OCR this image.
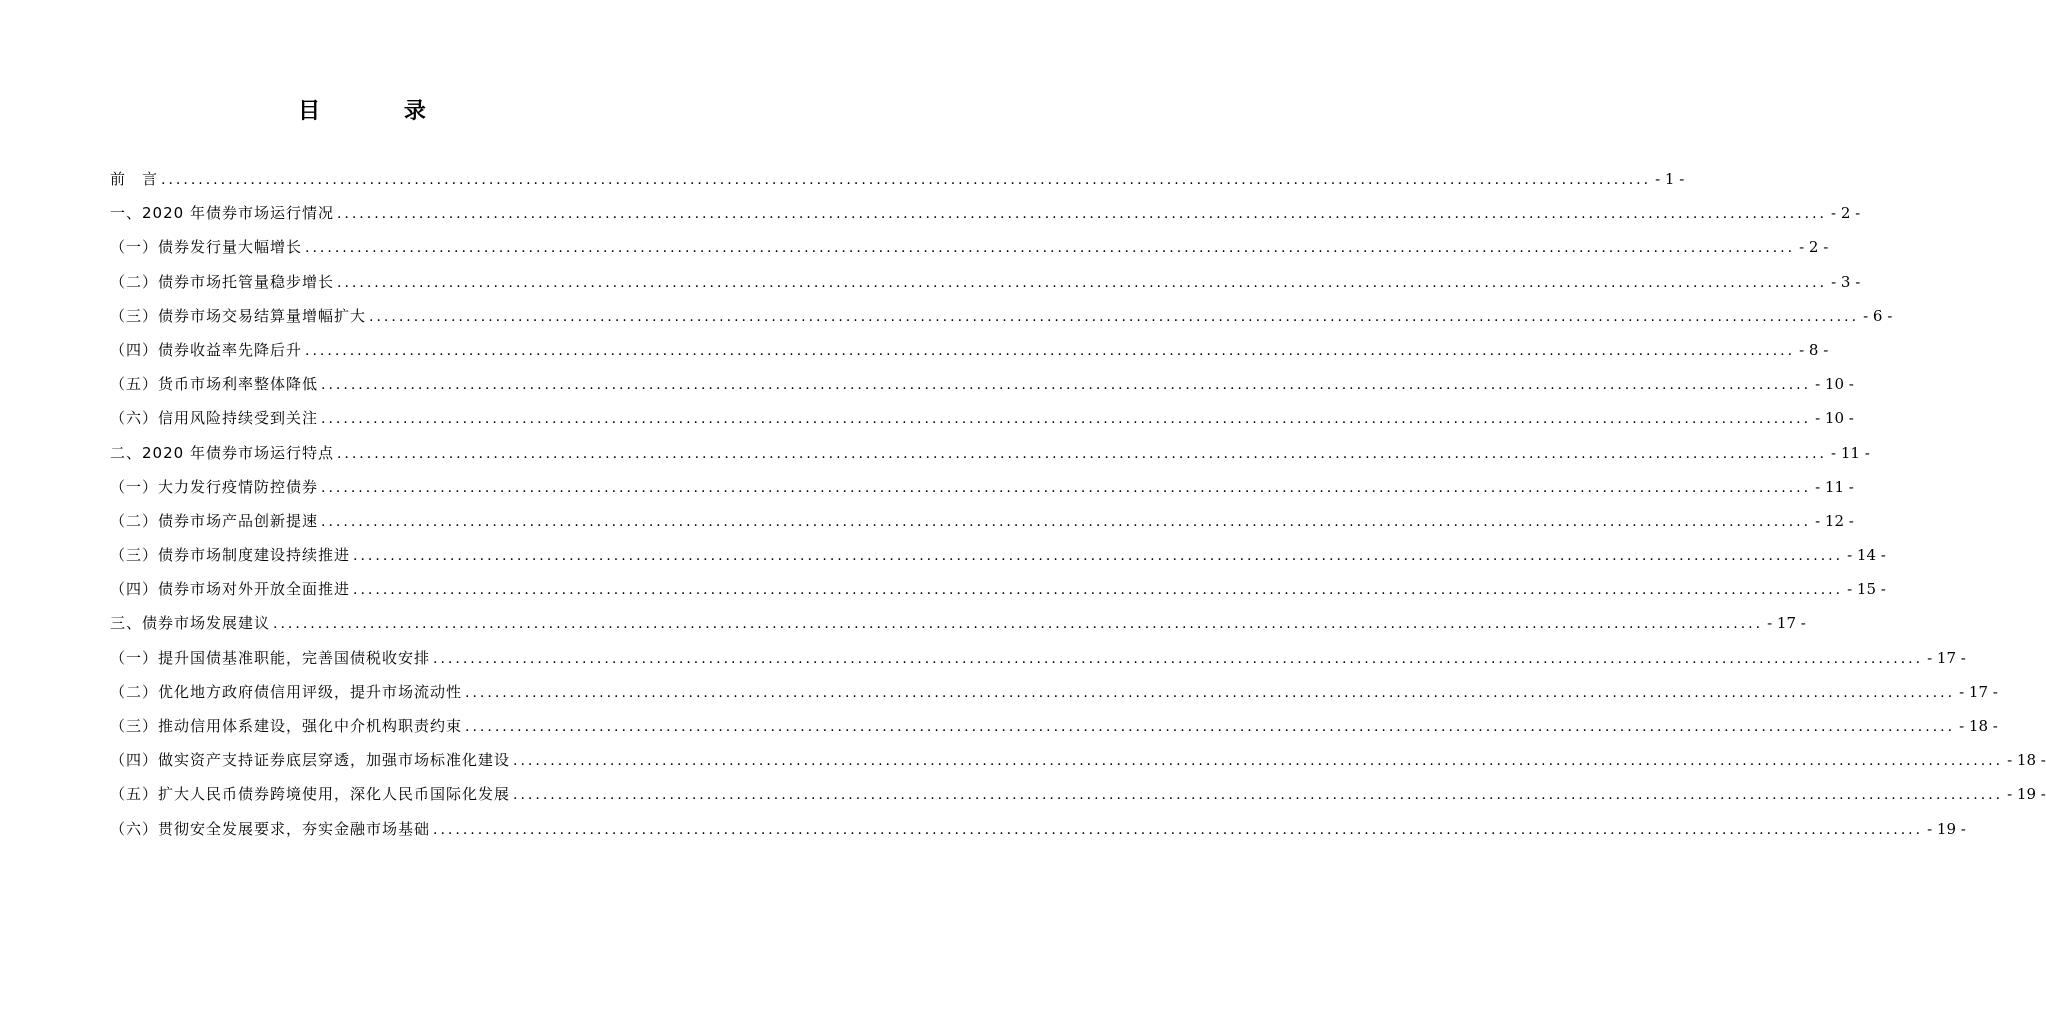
目 录
前　言 ........................................................................................................................................................................................................ - 1 -
一、2020 年债券市场运行情况 ........................................................................................................................................................................................................ - 2 -
（一）债券发行量大幅增长 ........................................................................................................................................................................................................ - 2 -
（二）债券市场托管量稳步增长 ........................................................................................................................................................................................................ - 3 -
（三）债券市场交易结算量增幅扩大 ........................................................................................................................................................................................................ - 6 -
（四）债券收益率先降后升 ........................................................................................................................................................................................................ - 8 -
（五）货币市场利率整体降低 ........................................................................................................................................................................................................ - 10 -
（六）信用风险持续受到关注 ........................................................................................................................................................................................................ - 10 -
二、2020 年债券市场运行特点 ........................................................................................................................................................................................................ - 11 -
（一）大力发行疫情防控债券 ........................................................................................................................................................................................................ - 11 -
（二）债券市场产品创新提速 ........................................................................................................................................................................................................ - 12 -
（三）债券市场制度建设持续推进 ........................................................................................................................................................................................................ - 14 -
（四）债券市场对外开放全面推进 ........................................................................................................................................................................................................ - 15 -
三、债券市场发展建议 ........................................................................................................................................................................................................ - 17 -
（一）提升国债基准职能，完善国债税收安排 ........................................................................................................................................................................................................ - 17 -
（二）优化地方政府债信用评级，提升市场流动性 ........................................................................................................................................................................................................ - 17 -
（三）推动信用体系建设，强化中介机构职责约束 ........................................................................................................................................................................................................ - 18 -
（四）做实资产支持证券底层穿透，加强市场标准化建设 ........................................................................................................................................................................................................ - 18 -
（五）扩大人民币债券跨境使用，深化人民币国际化发展 ........................................................................................................................................................................................................ - 19 -
（六）贯彻安全发展要求，夯实金融市场基础 ........................................................................................................................................................................................................ - 19 -
